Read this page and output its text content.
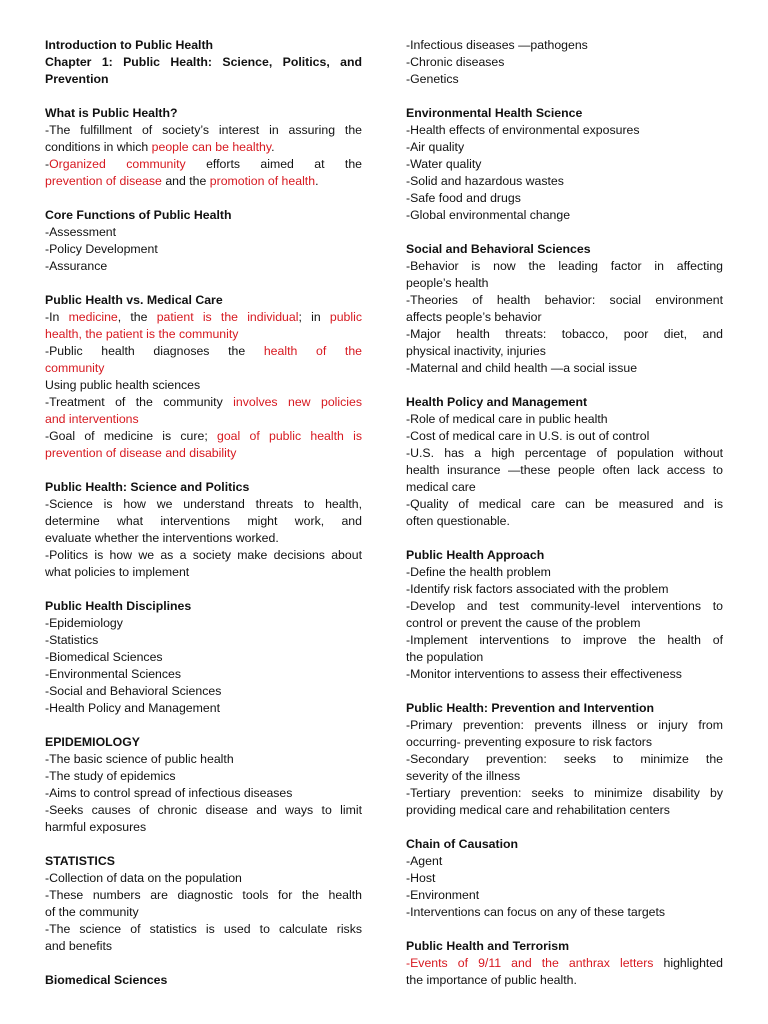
Introduction to Public Health
Chapter 1: Public Health: Science, Politics, and
Prevention
What is Public Health?
-The fulfillment of society’s interest in assuring the
conditions in which people can be healthy.
-Organized community efforts aimed at the
prevention of disease and the promotion of health.
Core Functions of Public Health
-Assessment
-Policy Development
-Assurance
Public Health vs. Medical Care
-In medicine, the patient is the individual; in public
health, the patient is the community
-Public health diagnoses the health of the
community
Using public health sciences
-Treatment of the community involves new policies
and interventions
-Goal of medicine is cure; goal of public health is
prevention of disease and disability
Public Health: Science and Politics
-Science is how we understand threats to health,
determine what interventions might work, and
evaluate whether the interventions worked.
-Politics is how we as a society make decisions about
what policies to implement
Public Health Disciplines
-Epidemiology
-Statistics
-Biomedical Sciences
-Environmental Sciences
-Social and Behavioral Sciences
-Health Policy and Management
EPIDEMIOLOGY
-The basic science of public health
-The study of epidemics
-Aims to control spread of infectious diseases
-Seeks causes of chronic disease and ways to limit
harmful exposures
STATISTICS
-Collection of data on the population
-These numbers are diagnostic tools for the health
of the community
-The science of statistics is used to calculate risks
and benefits
Biomedical Sciences
-Infectious diseases —pathogens
-Chronic diseases
-Genetics
Environmental Health Science
-Health effects of environmental exposures
-Air quality
-Water quality
-Solid and hazardous wastes
-Safe food and drugs
-Global environmental change
Social and Behavioral Sciences
-Behavior is now the leading factor in affecting
people’s health
-Theories of health behavior: social environment
affects people’s behavior
-Major health threats: tobacco, poor diet, and
physical inactivity, injuries
-Maternal and child health —a social issue
Health Policy and Management
-Role of medical care in public health
-Cost of medical care in U.S. is out of control
-U.S. has a high percentage of population without
health insurance —these people often lack access to
medical care
-Quality of medical care can be measured and is
often questionable.
Public Health Approach
-Define the health problem
-Identify risk factors associated with the problem
-Develop and test community-level interventions to
control or prevent the cause of the problem
-Implement interventions to improve the health of
the population
-Monitor interventions to assess their effectiveness
Public Health: Prevention and Intervention
-Primary prevention: prevents illness or injury from
occurring- preventing exposure to risk factors
-Secondary prevention: seeks to minimize the
severity of the illness
-Tertiary prevention: seeks to minimize disability by
providing medical care and rehabilitation centers
Chain of Causation
-Agent
-Host
-Environment
-Interventions can focus on any of these targets
Public Health and Terrorism
-Events of 9/11 and the anthrax letters highlighted
the importance of public health.
